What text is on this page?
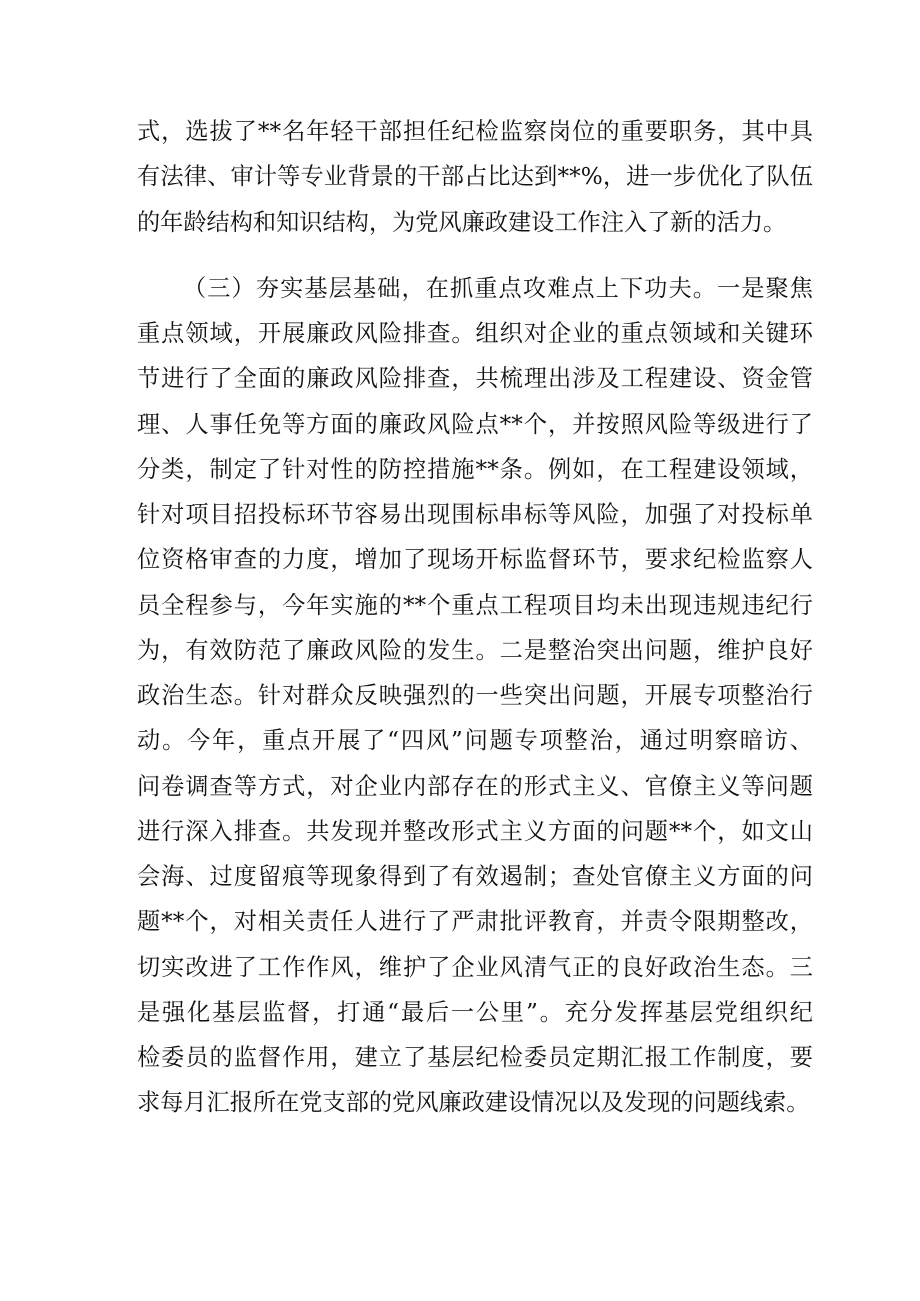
式，选拔了**名年轻干部担任纪检监察岗位的重要职务，其中具
有法律、审计等专业背景的干部占比达到**%，进一步优化了队伍
的年龄结构和知识结构，为党风廉政建设工作注入了新的活力。
（三）夯实基层基础，在抓重点攻难点上下功夫。一是聚焦
重点领域，开展廉政风险排查。组织对企业的重点领域和关键环
节进行了全面的廉政风险排查，共梳理出涉及工程建设、资金管
理、人事任免等方面的廉政风险点**个，并按照风险等级进行了
分类，制定了针对性的防控措施**条。例如，在工程建设领域，
针对项目招投标环节容易出现围标串标等风险，加强了对投标单
位资格审查的力度，增加了现场开标监督环节，要求纪检监察人
员全程参与，今年实施的**个重点工程项目均未出现违规违纪行
为，有效防范了廉政风险的发生。二是整治突出问题，维护良好
政治生态。针对群众反映强烈的一些突出问题，开展专项整治行
动。今年，重点开展了“四风”问题专项整治，通过明察暗访、
问卷调查等方式，对企业内部存在的形式主义、官僚主义等问题
进行深入排查。共发现并整改形式主义方面的问题**个，如文山
会海、过度留痕等现象得到了有效遏制；查处官僚主义方面的问
题**个，对相关责任人进行了严肃批评教育，并责令限期整改，
切实改进了工作作风，维护了企业风清气正的良好政治生态。三
是强化基层监督，打通“最后一公里”。充分发挥基层党组织纪
检委员的监督作用，建立了基层纪检委员定期汇报工作制度，要
求每月汇报所在党支部的党风廉政建设情况以及发现的问题线索。
